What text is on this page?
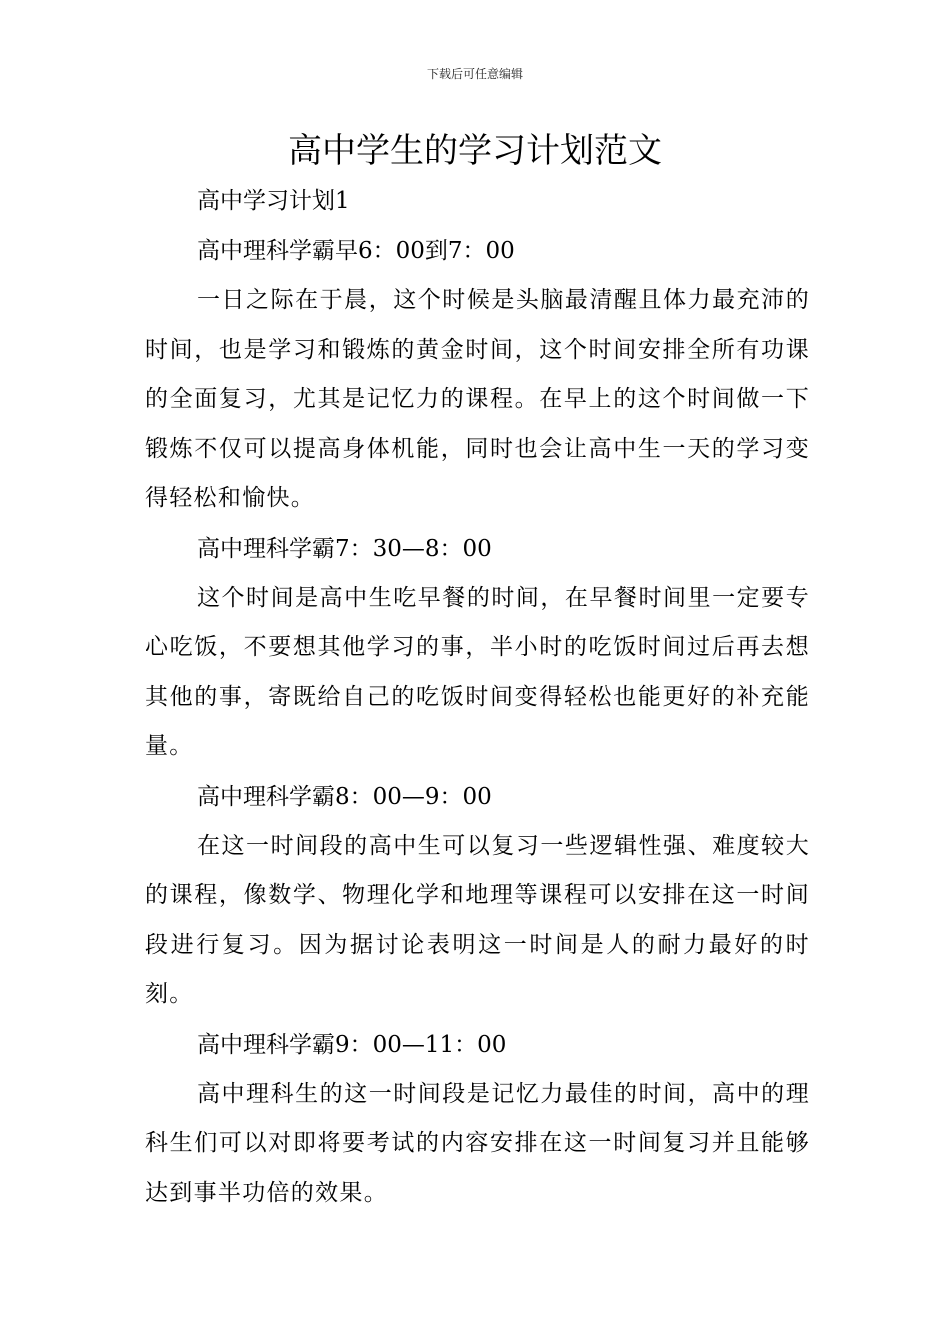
下载后可任意编辑
高中学生的学习计划范文

高中学习计划1

高中理科学霸早6：00到7：00

一日之际在于晨，这个时候是头脑最清醒且体力最充沛的时间，也是学习和锻炼的黄金时间，这个时间安排全所有功课的全面复习，尤其是记忆力的课程。在早上的这个时间做一下锻炼不仅可以提高身体机能，同时也会让高中生一天的学习变得轻松和愉快。

高中理科学霸7：30—8：00

这个时间是高中生吃早餐的时间，在早餐时间里一定要专心吃饭，不要想其他学习的事，半小时的吃饭时间过后再去想其他的事，寄既给自己的吃饭时间变得轻松也能更好的补充能量。

高中理科学霸8：00—9：00

在这一时间段的高中生可以复习一些逻辑性强、难度较大的课程，像数学、物理化学和地理等课程可以安排在这一时间段进行复习。因为据讨论表明这一时间是人的耐力最好的时刻。

高中理科学霸9：00—11：00

高中理科生的这一时间段是记忆力最佳的时间，高中的理科生们可以对即将要考试的内容安排在这一时间复习并且能够达到事半功倍的效果。
